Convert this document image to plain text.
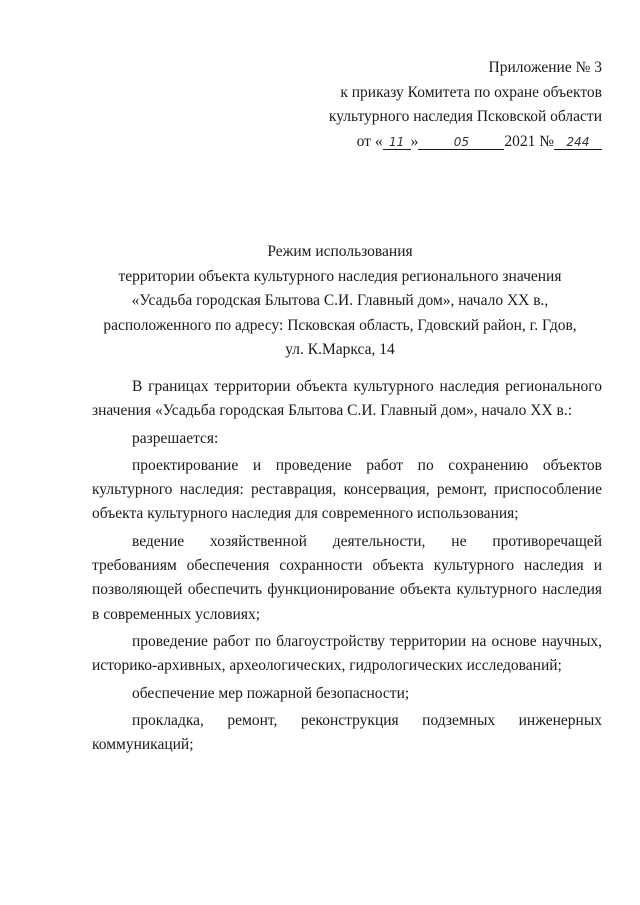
Приложение № 3
к приказу Комитета по охране объектов
культурного наследия Псковской области
от « 11 »	05 2021 № 244
Режим использования
территории объекта культурного наследия регионального значения
«Усадьба городская Блытова С.И. Главный дом», начало XX в.,
расположенного по адресу: Псковская область, Гдовский район, г. Гдов,
ул. К.Маркса, 14

В границах территории объекта культурного наследия регионального значения «Усадьба городская Блытова С.И. Главный дом», начало XX в.:

разрешается:

проектирование и проведение работ по сохранению объектов культурного наследия: реставрация, консервация, ремонт, приспособление объекта культурного наследия для современного использования;

ведение хозяйственной деятельности, не противоречащей требованиям обеспечения сохранности объекта культурного наследия и позволяющей обеспечить функционирование объекта культурного наследия в современных условиях;

проведение работ по благоустройству территории на основе научных, историко-архивных, археологических, гидрологических исследований;

обеспечение мер пожарной безопасности;

прокладка, ремонт, реконструкция подземных инженерных коммуникаций;
